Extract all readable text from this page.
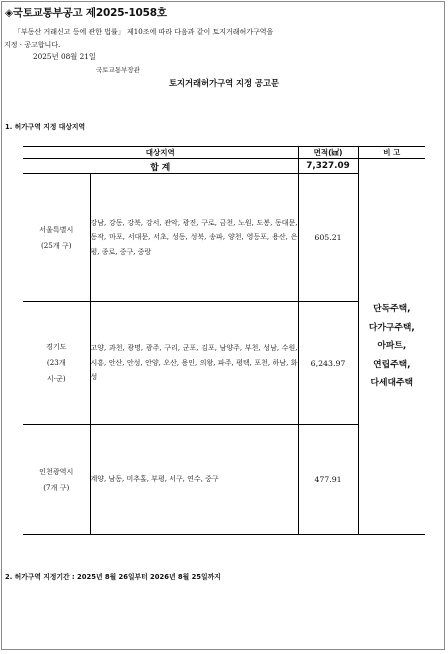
◈국토교통부공고 제2025-1058호
「부동산 거래신고 등에 관한 법률」 제10조에 따라 다음과 같이 토지거래허가구역을
지정 · 공고합니다.
2025년 08월 21일
국토교통부장관
토지거래허가구역 지정 공고문
1. 허가구역 지정 대상지역
대상지역		면적(㎢)	비 고
합 계		7,327.09	단독주택,
다가구주택,
아파트,
연립주택,
다세대주택

서울특별시
(25개 구)	강남, 강동, 강북, 강서, 관악, 광진, 구로, 금천, 노원, 도봉, 동대문, 동작, 마포, 서대문, 서초, 성동, 성북, 송파, 양천, 영등포, 용산, 은평, 종로, 중구, 중랑	605.21	

경기도
(23개
시·군)	고양, 과천, 광명, 광주, 구리, 군포, 김포, 남양주, 부천, 성남, 수원, 시흥, 안산, 안성, 안양, 오산, 용인, 의왕, 파주, 평택, 포천, 하남, 화성	6,243.97	

인천광역시
(7개 구)	계양, 남동, 미추홀, 부평, 서구, 연수, 중구	477.91	
2. 허가구역 지정기간 : 2025년 8월 26일부터 2026년 8월 25일까지
